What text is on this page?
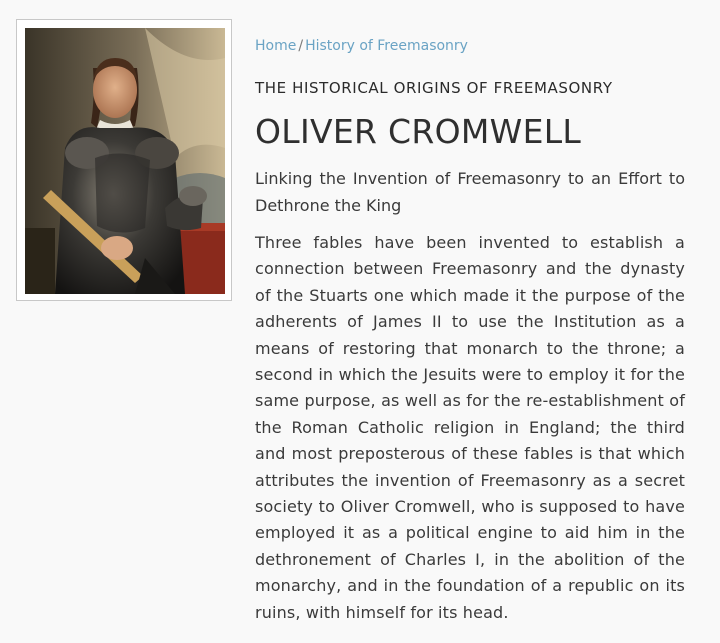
Home / History of Freemasonry

THE HISTORICAL ORIGINS OF FREEMASONRY
OLIVER CROMWELL

Linking the Invention of Freemasonry to an Effort to Dethrone the King

Three fables have been invented to establish a connection between Freemasonry and the dynasty of the Stuarts one which made it the purpose of the adherents of James II to use the Institution as a means of restoring that monarch to the throne; a second in which the Jesuits were to employ it for the same purpose, as well as for the re-establishment of the Roman Catholic religion in England; the third and most preposterous of these fables is that which attributes the invention of Freemasonry as a secret society to Oliver Cromwell, who is supposed to have employed it as a political engine to aid him in the dethronement of Charles I, in the abolition of the monarchy, and in the foundation of a republic on its ruins, with himself for its head.
